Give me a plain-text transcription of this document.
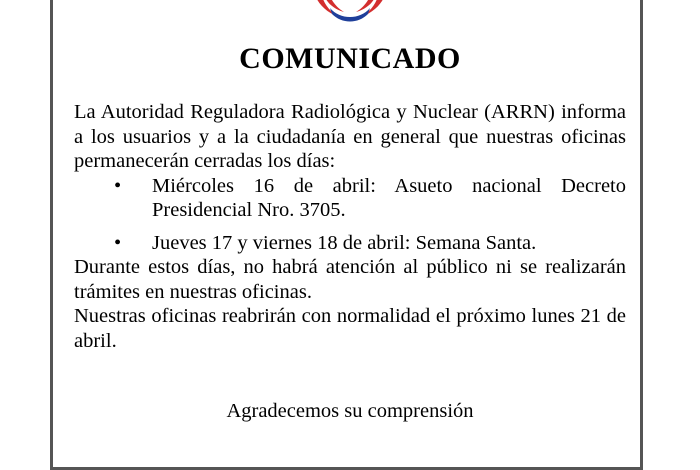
COMUNICADO

La Autoridad Reguladora Radiológica y Nuclear (ARRN) informa a los usuarios y a la ciudadanía en general que nuestras oficinas permanecerán cerradas los días:

• Miércoles 16 de abril: Asueto nacional Decreto Presidencial Nro. 3705.
• Jueves 17 y viernes 18 de abril: Semana Santa.

Durante estos días, no habrá atención al público ni se realizarán trámites en nuestras oficinas.

Nuestras oficinas reabrirán con normalidad el próximo lunes 21 de abril.

Agradecemos su comprensión
